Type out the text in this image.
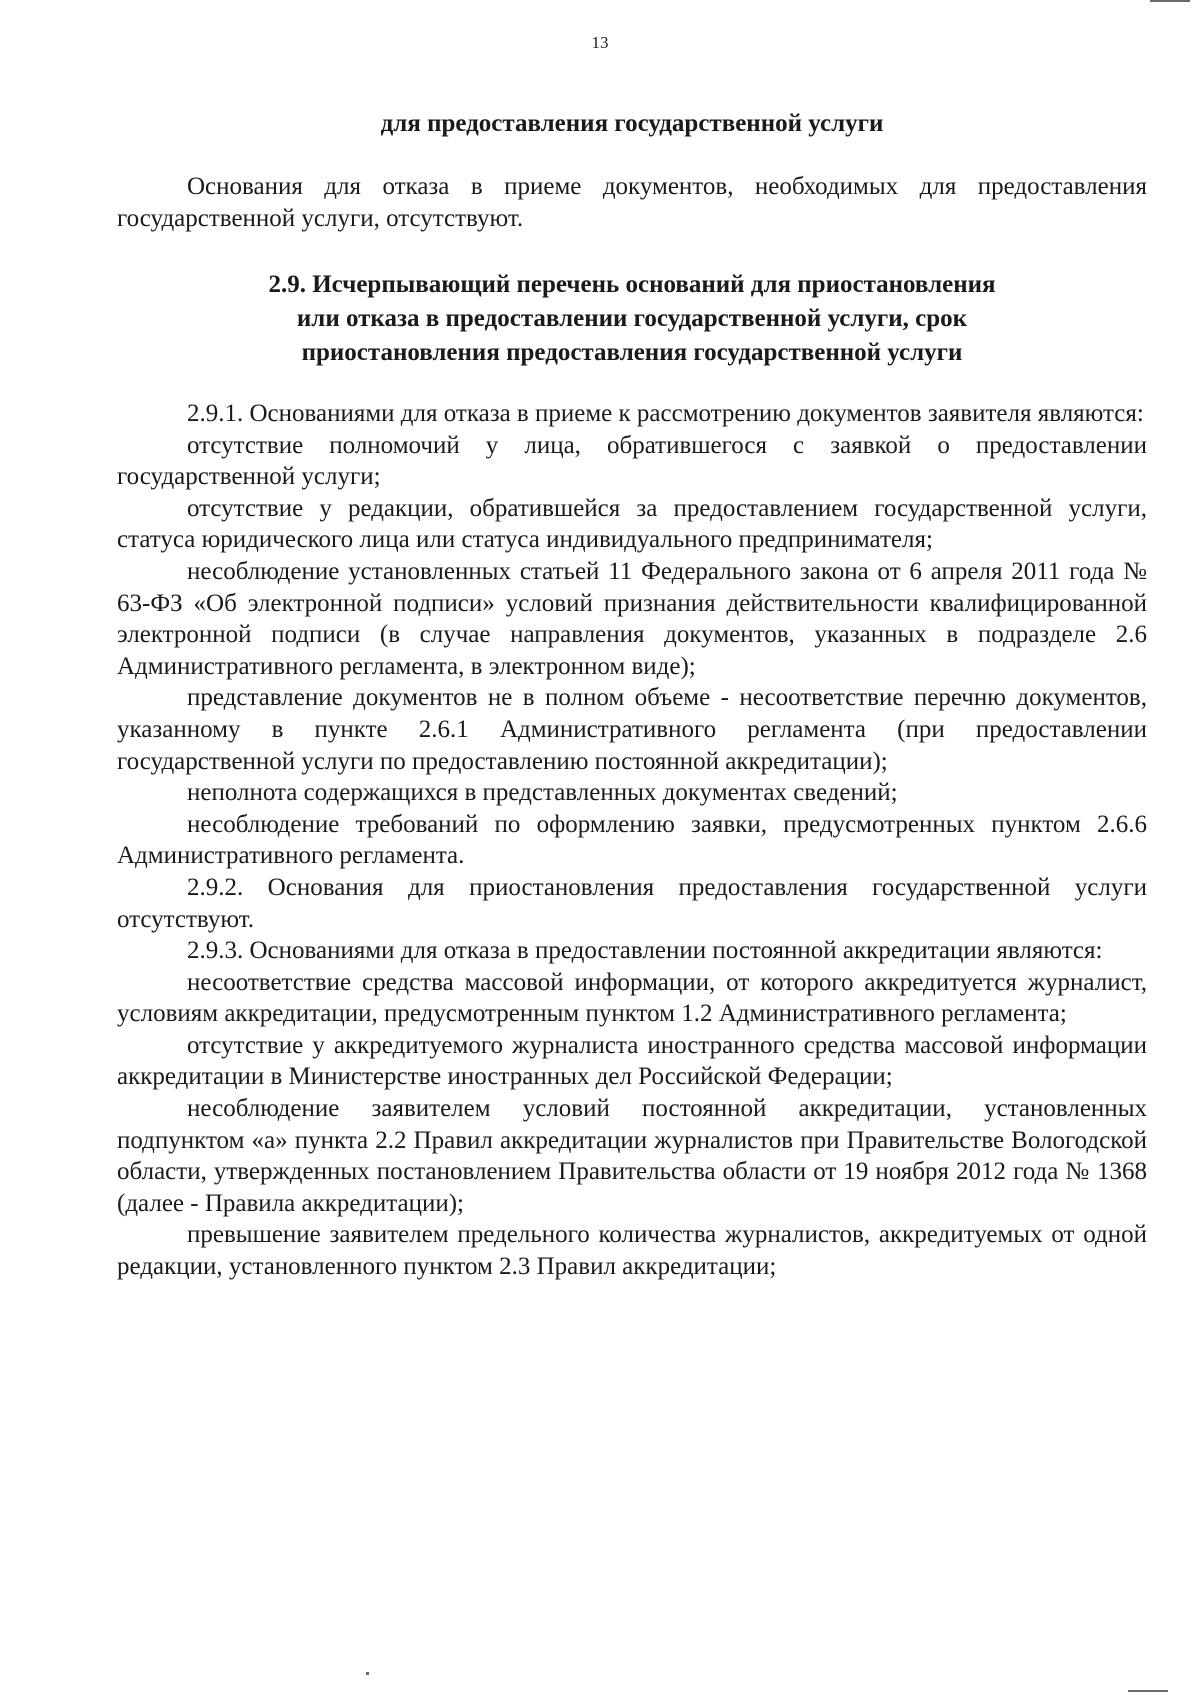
13
для предоставления государственной услуги

Основания для отказа в приеме документов, необходимых для предоставления государственной услуги, отсутствуют.

2.9. Исчерпывающий перечень оснований для приостановления
или отказа в предоставлении государственной услуги, срок
приостановления предоставления государственной услуги

2.9.1. Основаниями для отказа в приеме к рассмотрению документов заявителя являются:

отсутствие полномочий у лица, обратившегося с заявкой о предоставлении государственной услуги;

отсутствие у редакции, обратившейся за предоставлением государственной услуги, статуса юридического лица или статуса индивидуального предпринимателя;

несоблюдение установленных статьей 11 Федерального закона от 6 апреля 2011 года № 63-ФЗ «Об электронной подписи» условий признания действительности квалифицированной электронной подписи (в случае направления документов, указанных в подразделе 2.6 Административного регламента, в электронном виде);

представление документов не в полном объеме - несоответствие перечню документов, указанному в пункте 2.6.1 Административного регламента (при предоставлении государственной услуги по предоставлению постоянной аккредитации);

неполнота содержащихся в представленных документах сведений;

несоблюдение требований по оформлению заявки, предусмотренных пунктом 2.6.6 Административного регламента.

2.9.2. Основания для приостановления предоставления государственной услуги отсутствуют.

2.9.3. Основаниями для отказа в предоставлении постоянной аккредитации являются:

несоответствие средства массовой информации, от которого аккредитуется журналист, условиям аккредитации, предусмотренным пунктом 1.2 Административного регламента;

отсутствие у аккредитуемого журналиста иностранного средства массовой информации аккредитации в Министерстве иностранных дел Российской Федерации;

несоблюдение заявителем условий постоянной аккредитации, установленных подпунктом «а» пункта 2.2 Правил аккредитации журналистов при Правительстве Вологодской области, утвержденных постановлением Правительства области от 19 ноября 2012 года № 1368 (далее - Правила аккредитации);

превышение заявителем предельного количества журналистов, аккредитуемых от одной редакции, установленного пунктом 2.3 Правил аккредитации;
